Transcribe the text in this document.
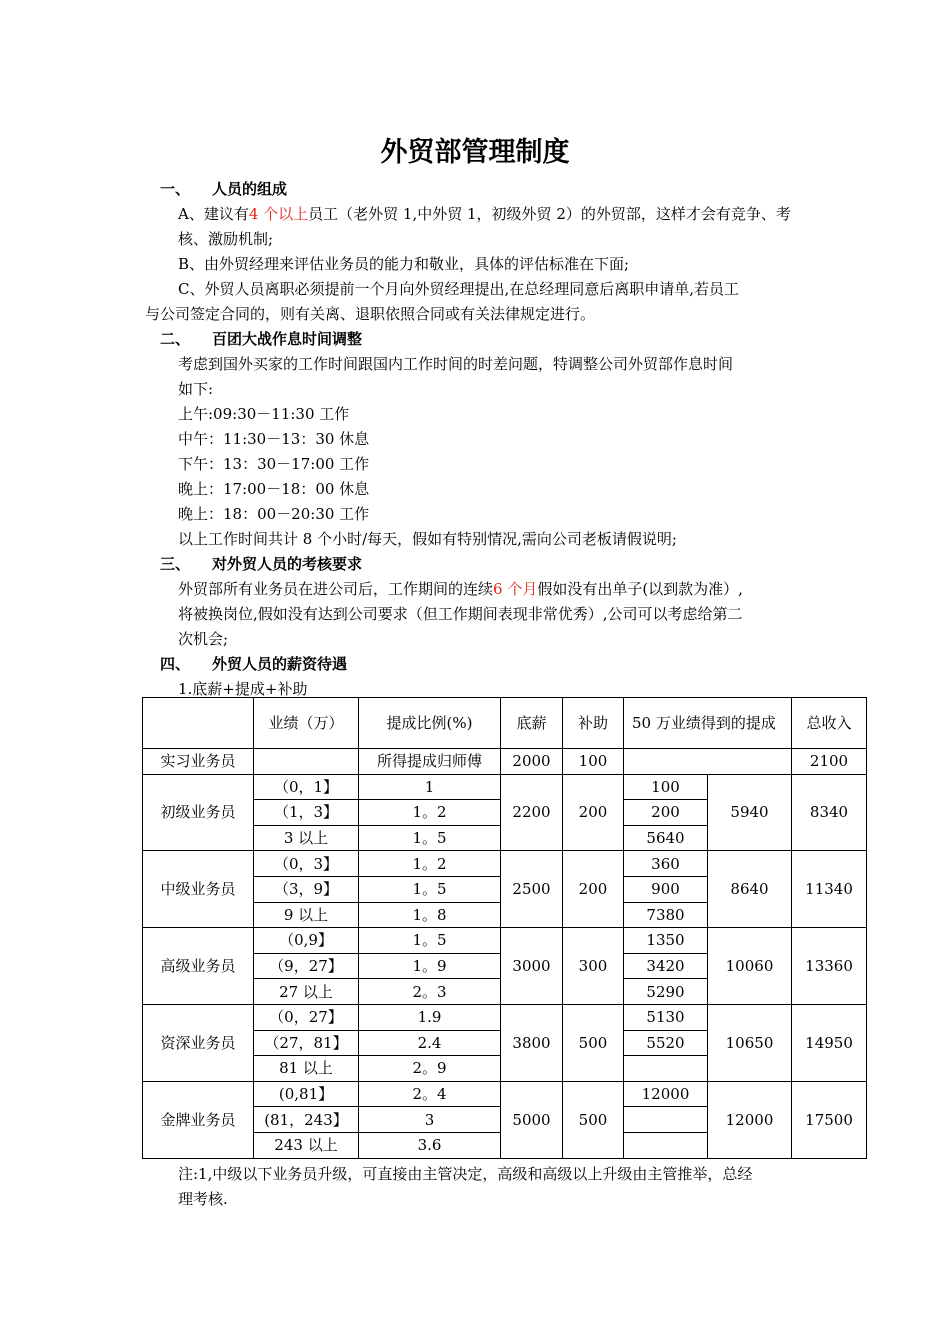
外贸部管理制度
一、 人员的组成
A、建议有4 个以上员工（老外贸 1,中外贸 1，初级外贸 2）的外贸部，这样才会有竞争、考
核、激励机制;
B、由外贸经理来评估业务员的能力和敬业，具体的评估标准在下面;
C、外贸人员离职必须提前一个月向外贸经理提出,在总经理同意后离职申请单,若员工
与公司签定合同的，则有关离、退职依照合同或有关法律规定进行。
二、 百团大战作息时间调整
考虑到国外买家的工作时间跟国内工作时间的时差问题，特调整公司外贸部作息时间
如下:
上午:09:30－11:30 工作
中午：11:30－13：30 休息
下午：13：30－17:00 工作
晚上：17:00－18：00 休息
晚上：18：00－20:30 工作
以上工作时间共计 8 个小时/每天，假如有特别情况,需向公司老板请假说明;
三、 对外贸人员的考核要求
外贸部所有业务员在进公司后，工作期间的连续6 个月假如没有出单子(以到款为准）,
将被换岗位,假如没有达到公司要求（但工作期间表现非常优秀）,公司可以考虑给第二
次机会;
四、 外贸人员的薪资待遇
1.底薪+提成+补助
	业绩（万）	提成比例(%)	底薪	补助	50 万业绩得到的提成		总收入
实习业务员		所得提成归师傅	2000	100			2100
初级业务员	（0，1】	1	2200	200	100	5940	8340
	（1，3】	1。2			200		
	3 以上	1。5			5640		
中级业务员	（0，3】	1。2	2500	200	360	8640	11340
	（3，9】	1。5			900		
	9 以上	1。8			7380		
高级业务员	（0,9】	1。5	3000	300	1350	10060	13360
	（9，27】	1。9			3420		
	27 以上	2。3			5290		
资深业务员	（0，27】	1.9	3800	500	5130	10650	14950
	（27，81】	2.4			5520		
	81 以上	2。9					
金牌业务员	(0,81】	2。4	5000	500	12000	12000	17500
	(81，243】	3					
	243 以上	3.6					
注:1,中级以下业务员升级，可直接由主管决定，高级和高级以上升级由主管推举，总经
理考核.
